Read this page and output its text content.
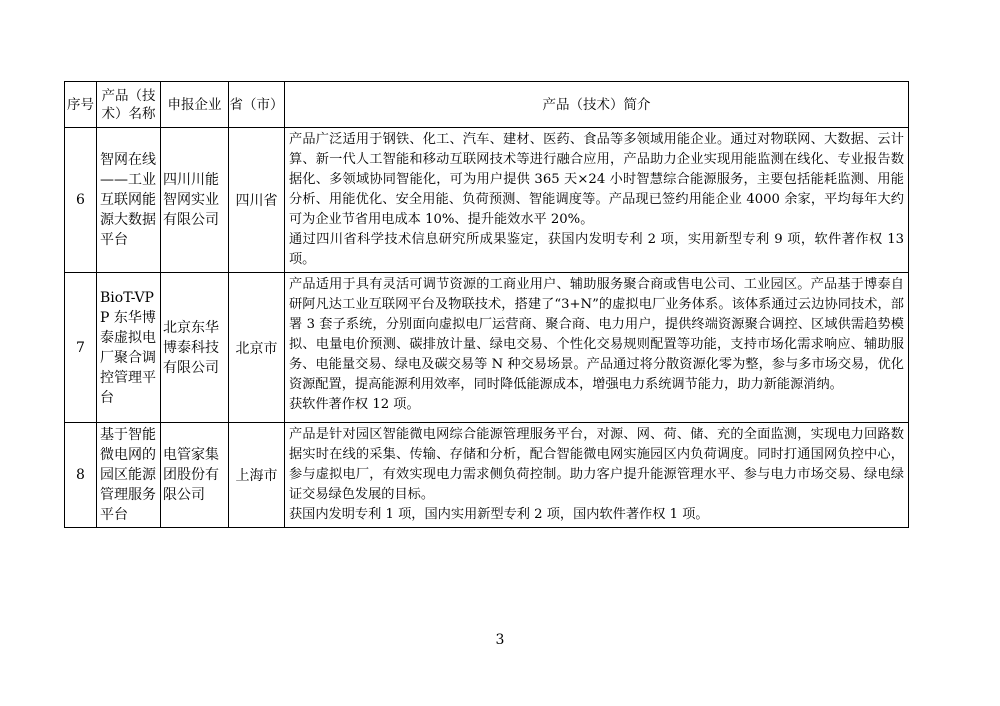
序号	产品（技术）名称	申报企业	省（市）	产品（技术）简介
6	智网在线——工业互联网能源大数据平台	四川川能智网实业有限公司	四川省	产品广泛适用于钢铁、化工、汽车、建材、医药、食品等多领域用能企业。通过对物联网、大数据、云计算、新一代人工智能和移动互联网技术等进行融合应用，产品助力企业实现用能监测在线化、专业报告数据化、多领域协同智能化，可为用户提供 365 天×24 小时智慧综合能源服务，主要包括能耗监测、用能分析、用能优化、安全用能、负荷预测、智能调度等。产品现已签约用能企业 4000 余家，平均每年大约可为企业节省用电成本 10%、提升能效水平 20%。

通过四川省科学技术信息研究所成果鉴定，获国内发明专利 2 项，实用新型专利 9 项，软件著作权 13 项。

7	BioT-VPP 东华博泰虚拟电厂聚合调控管理平台	北京东华博泰科技有限公司	北京市	产品适用于具有灵活可调节资源的工商业用户、辅助服务聚合商或售电公司、工业园区。产品基于博泰自研阿凡达工业互联网平台及物联技术，搭建了“3+N”的虚拟电厂业务体系。该体系通过云边协同技术，部署 3 套子系统，分别面向虚拟电厂运营商、聚合商、电力用户，提供终端资源聚合调控、区域供需趋势模拟、电量电价预测、碳排放计量、绿电交易、个性化交易规则配置等功能，支持市场化需求响应、辅助服务、电能量交易、绿电及碳交易等 N 种交易场景。产品通过将分散资源化零为整，参与多市场交易，优化资源配置，提高能源利用效率，同时降低能源成本，增强电力系统调节能力，助力新能源消纳。

获软件著作权 12 项。

8	基于智能微电网的园区能源管理服务平台	电管家集团股份有限公司	上海市	产品是针对园区智能微电网综合能源管理服务平台，对源、网、荷、储、充的全面监测，实现电力回路数据实时在线的采集、传输、存储和分析，配合智能微电网实施园区内负荷调度。同时打通国网负控中心，参与虚拟电厂，有效实现电力需求侧负荷控制。助力客户提升能源管理水平、参与电力市场交易、绿电绿证交易绿色发展的目标。

获国内发明专利 1 项，国内实用新型专利 2 项，国内软件著作权 1 项。

3
